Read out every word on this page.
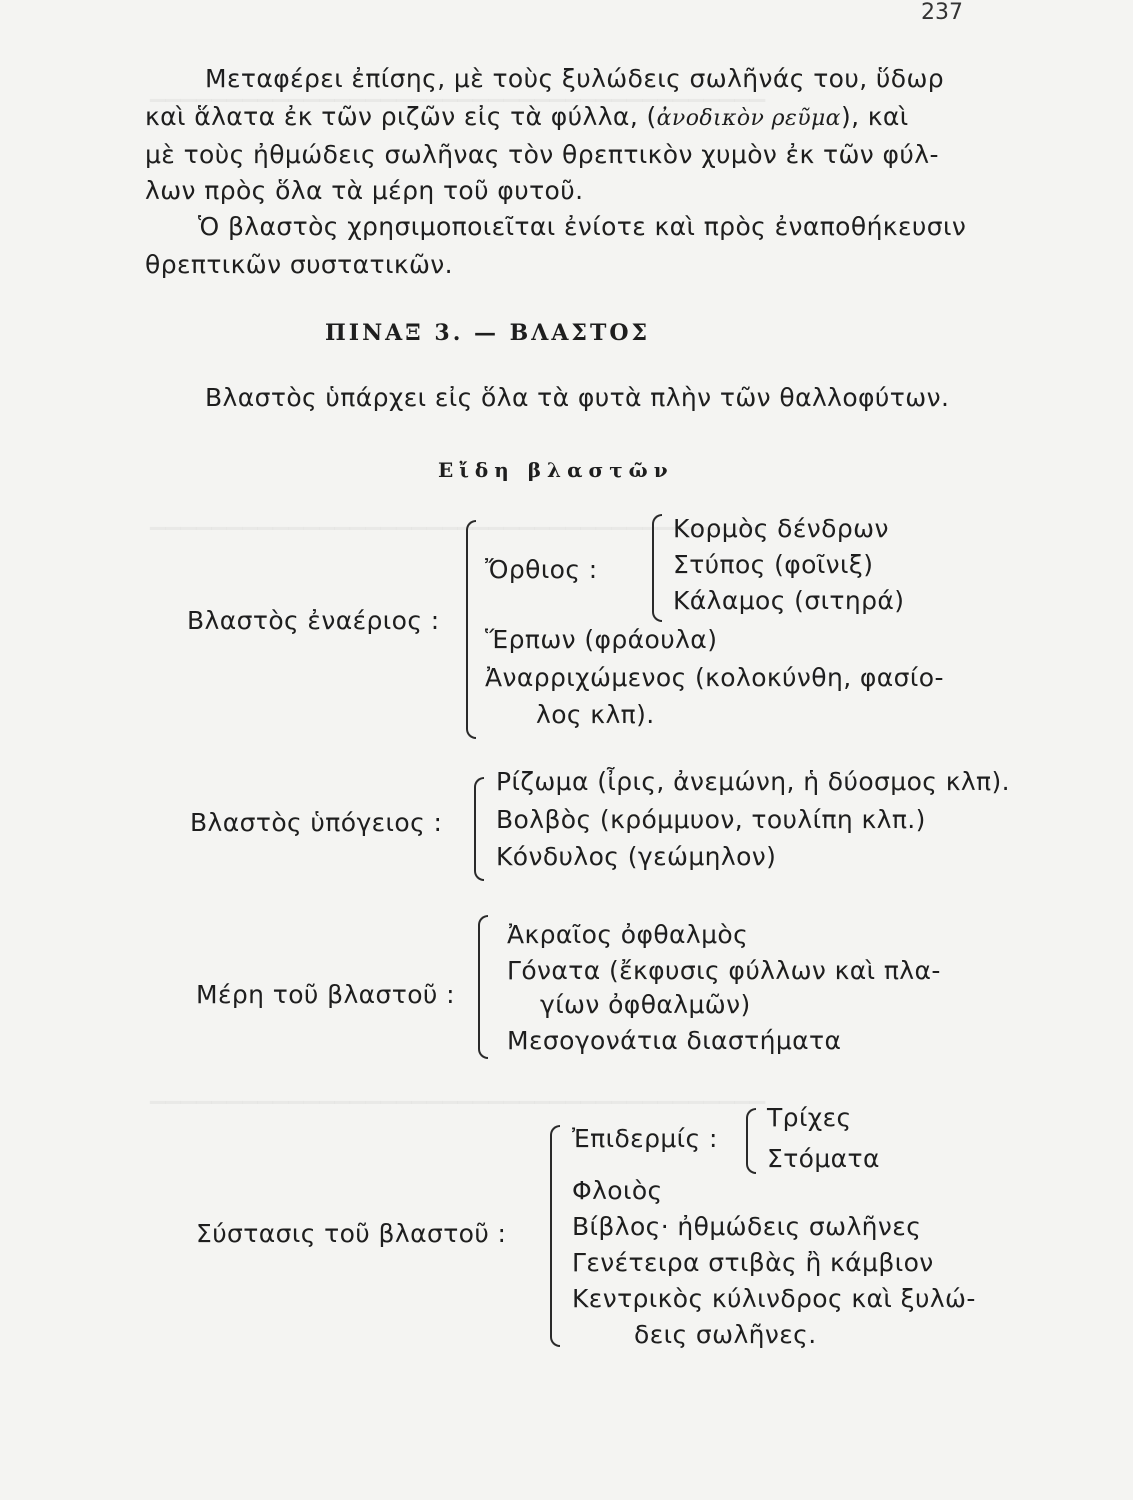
237
Μεταφέρει ἐπίσης, μὲ τοὺς ξυλώδεις σωλῆνάς του, ὕδωρ
καὶ ἅλατα ἐκ τῶν ριζῶν εἰς τὰ φύλλα, (ἀνοδικὸν ρεῦμα), καὶ
μὲ τοὺς ἠθμώδεις σωλῆνας τὸν θρεπτικὸν χυμὸν ἐκ τῶν φύλ-
λων πρὸς ὅλα τὰ μέρη τοῦ φυτοῦ.
Ὁ βλαστὸς χρησιμοποιεῖται ἐνίοτε καὶ πρὸς ἐναποθήκευσιν
θρεπτικῶν συστατικῶν.
ΠΙΝΑΞ 3. — ΒΛΑΣΤΟΣ
Βλαστὸς ὑπάρχει εἰς ὅλα τὰ φυτὰ πλὴν τῶν θαλλοφύτων.
Εἴδη βλαστῶν
Βλαστὸς ἐναέριος :
Ὄρθιος :
Κορμὸς δένδρων
Στύπος (φοῖνιξ)
Κάλαμος (σιτηρά)
Ἕρπων (φράουλα)
Ἀναρριχώμενος (κολοκύνθη, φασίο-
λος κλπ).
Βλαστὸς ὑπόγειος :
Ρίζωμα (ἶρις, ἀνεμώνη, ἡ δύοσμος κλπ).
Βολβὸς (κρόμμυον, τουλίπη κλπ.)
Κόνδυλος (γεώμηλον)
Μέρη τοῦ βλαστοῦ :
Ἀκραῖος ὀφθαλμὸς
Γόνατα (ἔκφυσις φύλλων καὶ πλα-
γίων ὀφθαλμῶν)
Μεσογονάτια διαστήματα
Σύστασις τοῦ βλαστοῦ :
Ἐπιδερμίς :
Τρίχες
Στόματα
Φλοιὸς
Βίβλος· ἠθμώδεις σωλῆνες
Γενέτειρα στιβὰς ἢ κάμβιον
Κεντρικὸς κύλινδρος καὶ ξυλώ-
δεις σωλῆνες.
